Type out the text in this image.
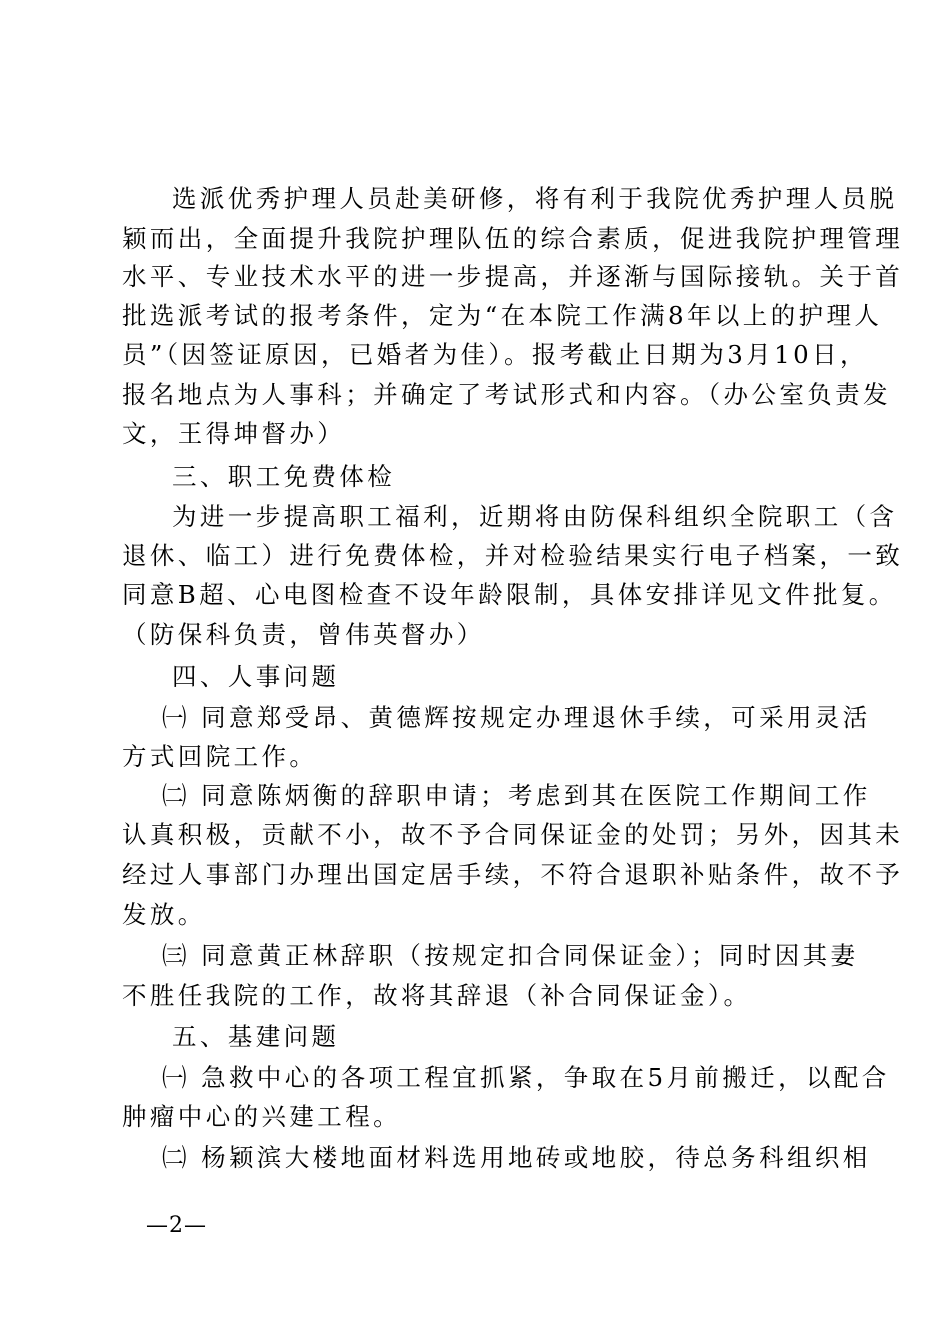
选派优秀护理人员赴美研修，将有利于我院优秀护理人员脱
颖而出，全面提升我院护理队伍的综合素质，促进我院护理管理
水平、专业技术水平的进一步提高，并逐渐与国际接轨。关于首
批选派考试的报考条件，定为“在本院工作满8年以上的护理人
员”（因签证原因，已婚者为佳）。报考截止日期为3月10日，
报名地点为人事科；并确定了考试形式和内容。（办公室负责发
文，王得坤督办）
三、职工免费体检
为进一步提高职工福利，近期将由防保科组织全院职工（含
退休、临工）进行免费体检，并对检验结果实行电子档案，一致
同意B超、心电图检查不设年龄限制，具体安排详见文件批复。
（防保科负责，曾伟英督办）
四、人事问题
㈠ 同意郑受昂、黄德辉按规定办理退休手续，可采用灵活
方式回院工作。
㈡ 同意陈炳衡的辞职申请；考虑到其在医院工作期间工作
认真积极，贡献不小，故不予合同保证金的处罚；另外，因其未
经过人事部门办理出国定居手续，不符合退职补贴条件，故不予
发放。
㈢ 同意黄正林辞职（按规定扣合同保证金）；同时因其妻
不胜任我院的工作，故将其辞退（补合同保证金）。
五、基建问题
㈠ 急救中心的各项工程宜抓紧，争取在5月前搬迁，以配合
肿瘤中心的兴建工程。
㈡ 杨颖滨大楼地面材料选用地砖或地胶，待总务科组织相
—2—
